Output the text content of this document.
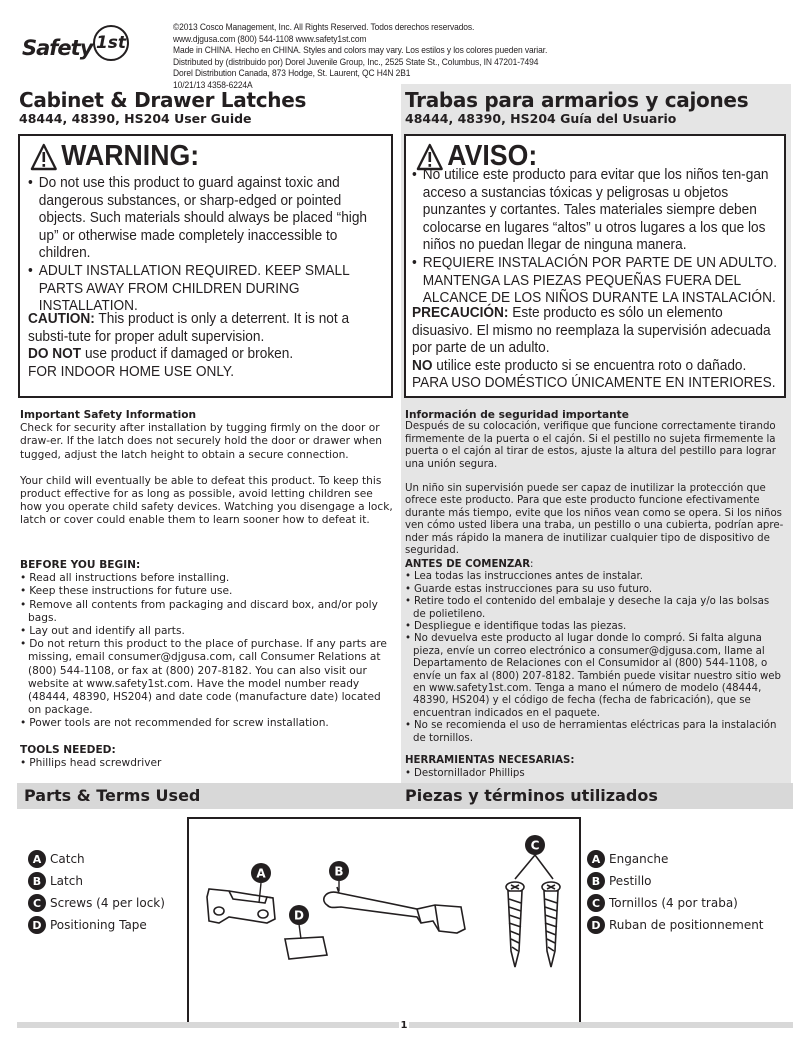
Safety 1st
©2013 Cosco Management, Inc. All Rights Reserved. Todos derechos reservados.
www.djgusa.com (800) 544-1108 www.safety1st.com
Made in CHINA. Hecho en CHINA. Styles and colors may vary. Los estilos y los colores pueden variar.
Distributed by (distribuido por) Dorel Juvenile Group, Inc., 2525 State St., Columbus, IN 47201-7494
Dorel Distribution Canada, 873 Hodge, St. Laurent, QC H4N 2B1
10/21/13 4358-6224A
Cabinet & Drawer Latches
48444, 48390, HS204 User Guide
Trabas para armarios y cajones
48444, 48390, HS204 Guía del Usuario
WARNING:
• Do not use this product to guard against toxic and dangerous substances, or sharp-edged or pointed objects. Such materials should always be placed “high up” or otherwise made completely inaccessible to children.
• ADULT INSTALLATION REQUIRED. KEEP SMALL PARTS AWAY FROM CHILDREN DURING INSTALLATION.
CAUTION: This product is only a deterrent. It is not a substi-tute for proper adult supervision.
DO NOT use product if damaged or broken.
FOR INDOOR HOME USE ONLY.
AVISO:
• No utilice este producto para evitar que los niños ten-gan acceso a sustancias tóxicas y peligrosas u objetos punzantes y cortantes. Tales materiales siempre deben colocarse en lugares “altos” u otros lugares a los que los niños no puedan llegar de ninguna manera.
• REQUIERE INSTALACIÓN POR PARTE DE UN ADULTO. MANTENGA LAS PIEZAS PEQUEÑAS FUERA DEL ALCANCE DE LOS NIÑOS DURANTE LA INSTALACIÓN.
PRECAUCIÓN: Este producto es sólo un elemento disuasivo. El mismo no reemplaza la supervisión adecuada por parte de un adulto.
NO utilice este producto si se encuentra roto o dañado.
PARA USO DOMÉSTICO ÚNICAMENTE EN INTERIORES.
Important Safety Information

Check for security after installation by tugging firmly on the door or draw-er. If the latch does not securely hold the door or drawer when tugged, adjust the latch height to obtain a secure connection.

Your child will eventually be able to defeat this product. To keep this product effective for as long as possible, avoid letting children see how you operate child safety devices. Watching you disengage a lock, latch or cover could enable them to learn sooner how to defeat it.

BEFORE YOU BEGIN:
• Read all instructions before installing.
• Keep these instructions for future use.
• Remove all contents from packaging and discard box, and/or poly bags.
• Lay out and identify all parts.
• Do not return this product to the place of purchase. If any parts are missing, email consumer@djgusa.com, call Consumer Relations at (800) 544-1108, or fax at (800) 207-8182. You can also visit our website at www.safety1st.com. Have the model number ready (48444, 48390, HS204) and date code (manufacture date) located on package.
• Power tools are not recommended for screw installation.
TOOLS NEEDED:
• Phillips head screwdriver
Información de seguridad importante

Después de su colocación, verifique que funcione correctamente tirando firmemente de la puerta o el cajón. Si el pestillo no sujeta firmemente la puerta o el cajón al tirar de estos, ajuste la altura del pestillo para lograr una unión segura.

Un niño sin supervisión puede ser capaz de inutilizar la protección que ofrece este producto. Para que este producto funcione efectivamente durante más tiempo, evite que los niños vean como se opera. Si los niños ven cómo usted libera una traba, un pestillo o una cubierta, podrían apre-nder más rápido la manera de inutilizar cualquier tipo de dispositivo de seguridad.

ANTES DE COMENZAR:
• Lea todas las instrucciones antes de instalar.
• Guarde estas instrucciones para su uso futuro.
• Retire todo el contenido del embalaje y deseche la caja y/o las bolsas de polietileno.
• Despliegue e identifique todas las piezas.
• No devuelva este producto al lugar donde lo compró. Si falta alguna pieza, envíe un correo electrónico a consumer@djgusa.com, llame al Departamento de Relaciones con el Consumidor al (800) 544-1108, o envíe un fax al (800) 207-8182. También puede visitar nuestro sitio web en www.safety1st.com. Tenga a mano el número de modelo (48444, 48390, HS204) y el código de fecha (fecha de fabricación), que se encuentran indicados en el paquete.
• No se recomienda el uso de herramientas eléctricas para la instalación de tornillos.
HERRAMIENTAS NECESARIAS:
• Destornillador Phillips
Parts & Terms Used	Piezas y términos utilizados
A Catch
B Latch
C Screws (4 per lock)
D Positioning Tape
A Enganche
B Pestillo
C Tornillos (4 por traba)
D Ruban de positionnement
A	B
C
D
1
